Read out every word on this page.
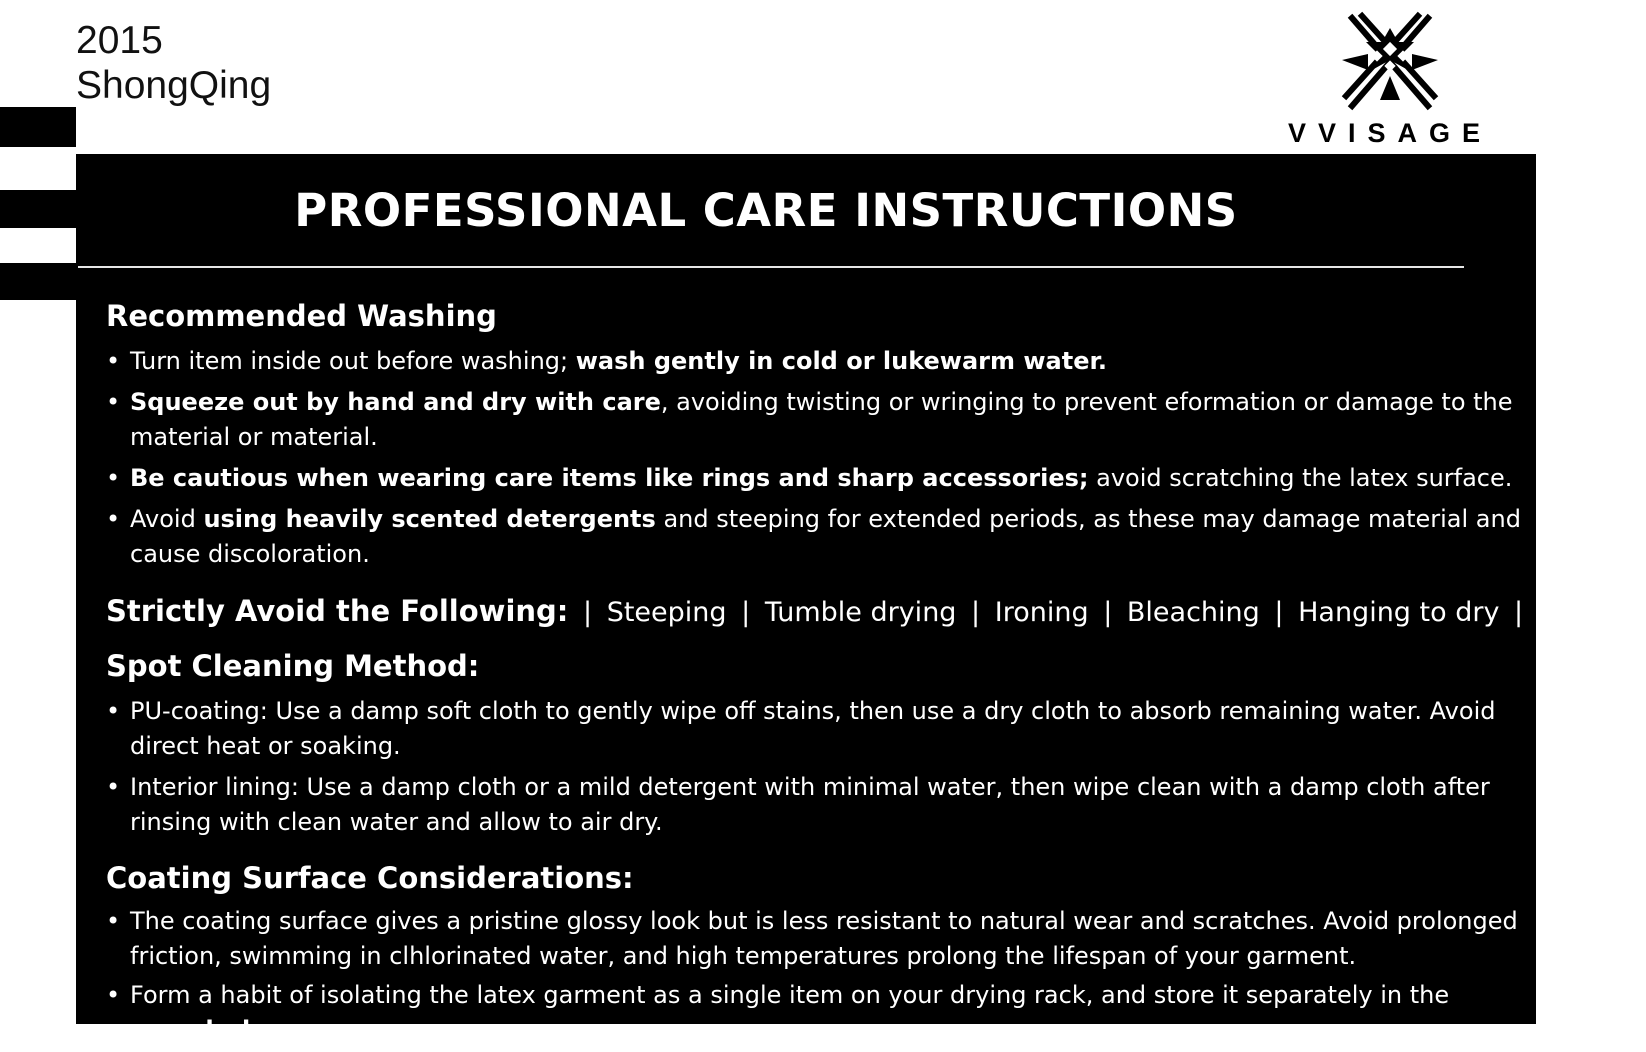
2015
ShongQing
VVISAGE
PROFESSIONAL CARE INSTRUCTIONS
Recommended Washing
• Turn item inside out before washing; wash gently in cold or lukewarm water.
• Squeeze out by hand and dry with care, avoiding twisting or wringing to prevent eformation or damage to the material or material.
• Be cautious when wearing care items like rings and sharp accessories; avoid scratching the latex surface.
• Avoid using heavily scented detergents and steeping for extended periods, as these may damage material and cause discoloration.
Strictly Avoid the Following: | Steeping | Tumble drying | Ironing | Bleaching | Hanging to dry | Twisting
Spot Cleaning Method:
• PU-coating: Use a damp soft cloth to gently wipe off stains, then use a dry cloth to absorb remaining water. Avoid direct heat or soaking.
• Interior lining: Use a damp cloth or a mild detergent with minimal water, then wipe clean with a damp cloth after rinsing with clean water and allow to air dry.
Coating Surface Considerations:
• The coating surface gives a pristine glossy look but is less resistant to natural wear and scratches. Avoid prolonged friction, swimming in clhlorinated water, and high temperatures prolong the lifespan of your garment.
• Form a habit of isolating the latex garment as a single item on your drying rack, and store it separately in the waredrobe.
